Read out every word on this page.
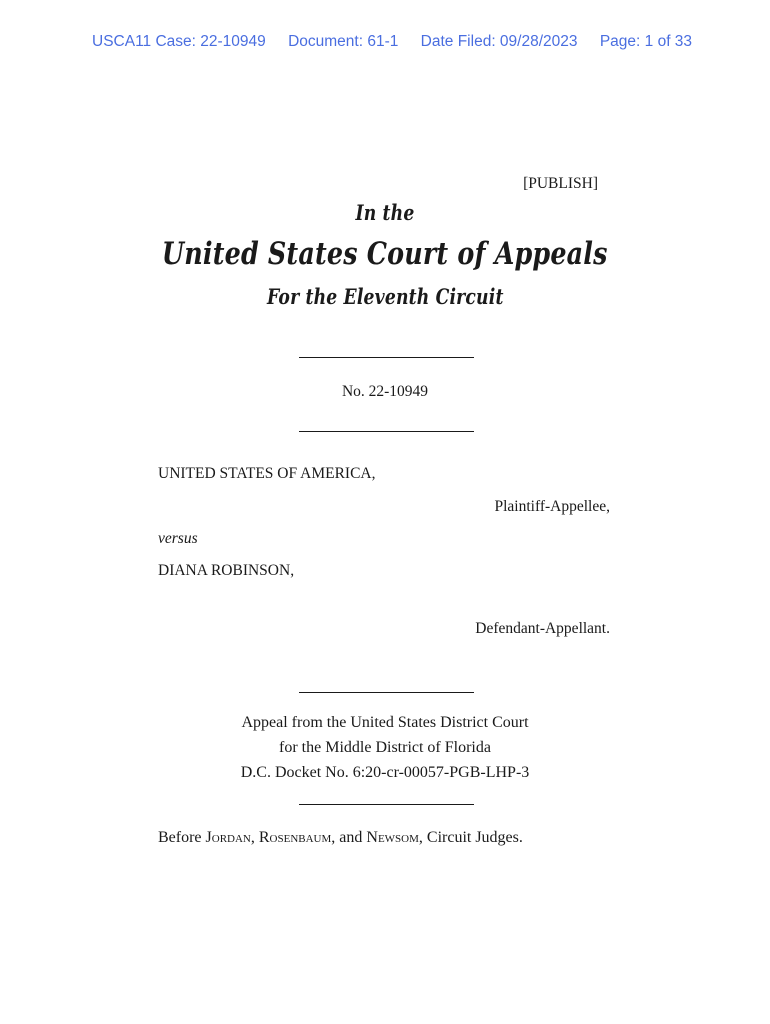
USCA11 Case: 22-10949 Document: 61-1 Date Filed: 09/28/2023 Page: 1 of 33
[PUBLISH]
In the
United States Court of Appeals
For the Eleventh Circuit
No. 22-10949
UNITED STATES OF AMERICA,
Plaintiff-Appellee,
versus
DIANA ROBINSON,
Defendant-Appellant.
Appeal from the United States District Court
for the Middle District of Florida
D.C. Docket No. 6:20-cr-00057-PGB-LHP-3
Before Jordan, Rosenbaum, and Newsom, Circuit Judges.
